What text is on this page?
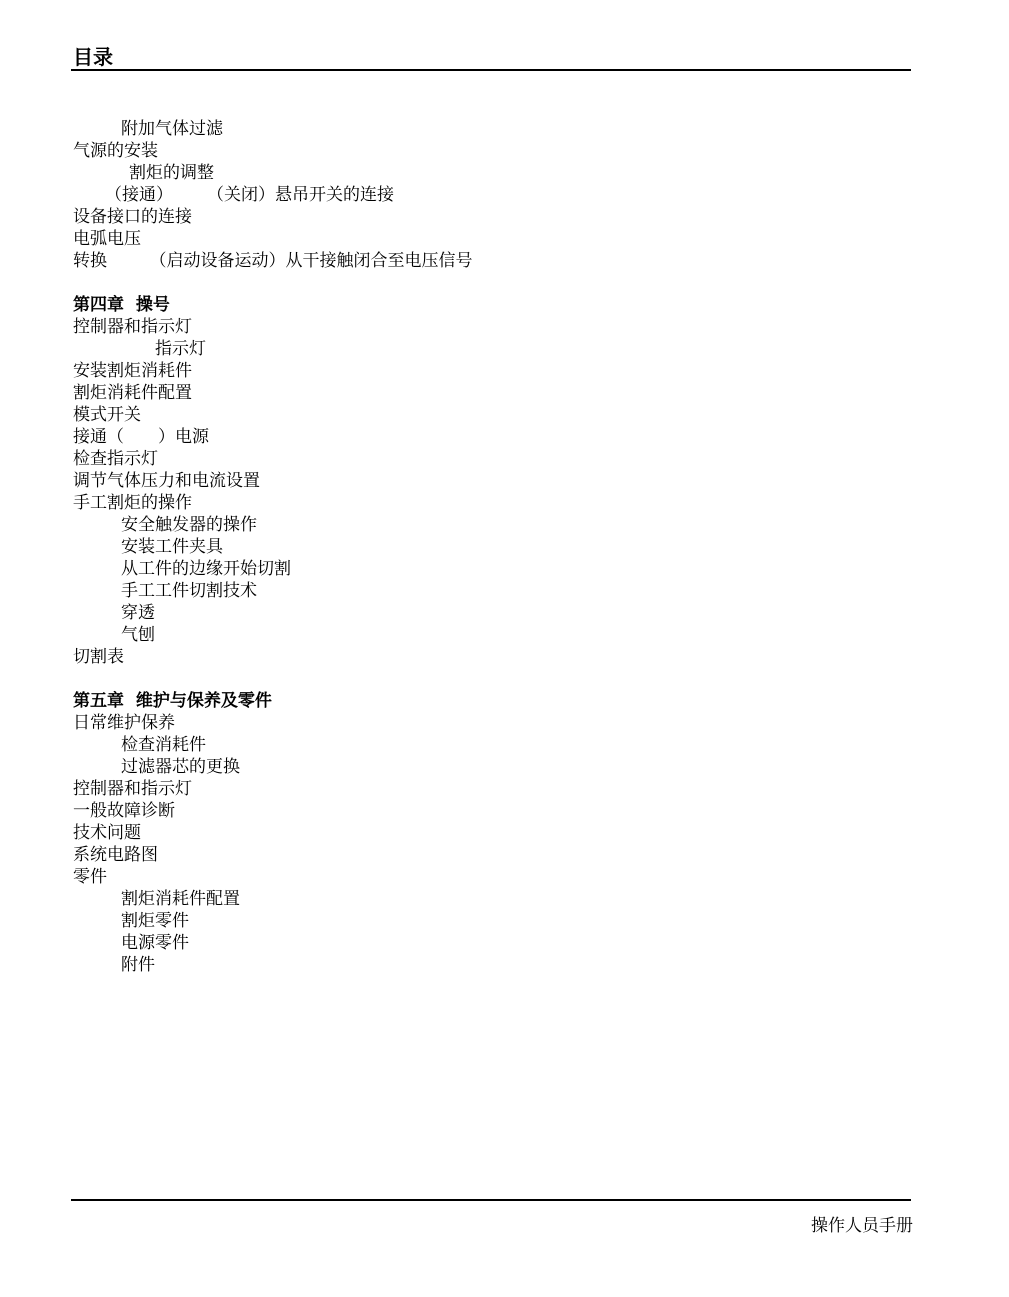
目录
附加气体过滤
气源的安装
割炬的调整
（接通）　　　（关闭）悬吊开关的连接
设备接口的连接
电弧电压
转换　　　（启动设备运动）从干接触闭合至电压信号
第四章  操号
控制器和指示灯
指示灯
安装割炬消耗件
割炬消耗件配置
模式开关
接通（　　）电源
检查指示灯
调节气体压力和电流设置
手工割炬的操作
安全触发器的操作
安装工件夹具
从工件的边缘开始切割
手工工件切割技术
穿透
气刨
切割表
第五章  维护与保养及零件
日常维护保养
检查消耗件
过滤器芯的更换
控制器和指示灯
一般故障诊断
技术问题
系统电路图
零件
割炬消耗件配置
割炬零件
电源零件
附件
操作人员手册
